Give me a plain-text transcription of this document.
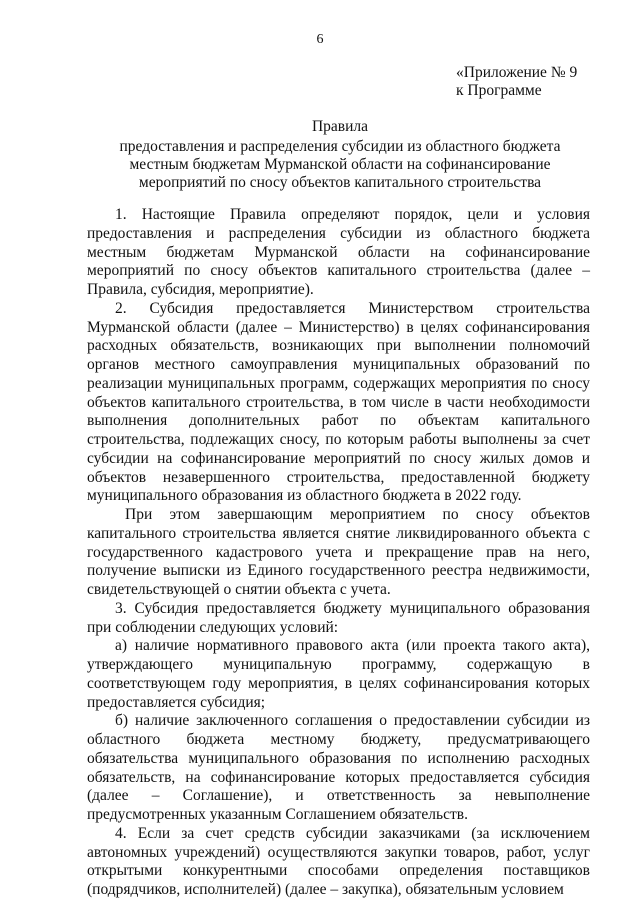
6
«Приложение № 9
к Программе
Правила
предоставления и распределения субсидии из областного бюджета
местным бюджетам Мурманской области на софинансирование
мероприятий по сносу объектов капитального строительства

1. Настоящие Правила определяют порядок, цели и условия предоставления и распределения субсидии из областного бюджета местным бюджетам Мурманской области на софинансирование мероприятий по сносу объектов капитального строительства (далее – Правила, субсидия, мероприятие).

2. Субсидия предоставляется Министерством строительства Мурманской области (далее – Министерство) в целях софинансирования расходных обязательств, возникающих при выполнении полномочий органов местного самоуправления муниципальных образований по реализации муниципальных программ, содержащих мероприятия по сносу объектов капитального строительства, в том числе в части необходимости выполнения дополнительных работ по объектам капитального строительства, подлежащих сносу, по которым работы выполнены за счет субсидии на софинансирование мероприятий по сносу жилых домов и объектов незавершенного строительства, предоставленной бюджету муниципального образования из областного бюджета в 2022 году.

При этом завершающим мероприятием по сносу объектов капитального строительства является снятие ликвидированного объекта с государственного кадастрового учета и прекращение прав на него, получение выписки из Единого государственного реестра недвижимости, свидетельствующей о снятии объекта с учета.

3. Субсидия предоставляется бюджету муниципального образования при соблюдении следующих условий:

а) наличие нормативного правового акта (или проекта такого акта), утверждающего муниципальную программу, содержащую в соответствующем году мероприятия, в целях софинансирования которых предоставляется субсидия;

б) наличие заключенного соглашения о предоставлении субсидии из областного бюджета местному бюджету, предусматривающего обязательства муниципального образования по исполнению расходных обязательств, на софинансирование которых предоставляется субсидия (далее – Соглашение), и ответственность за невыполнение предусмотренных указанным Соглашением обязательств.

4. Если за счет средств субсидии заказчиками (за исключением автономных учреждений) осуществляются закупки товаров, работ, услуг открытыми конкурентными способами определения поставщиков (подрядчиков, исполнителей) (далее – закупка), обязательным условием
